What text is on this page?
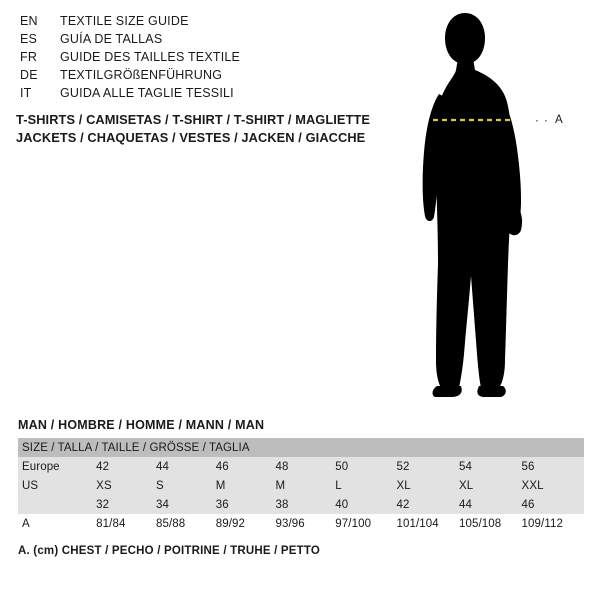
EN	TEXTILE SIZE GUIDE
ES	GUÍA DE TALLAS
FR	GUIDE DES TAILLES TEXTILE
DE	TEXTILGRÖßENFÜHRUNG
IT	GUIDA ALLE TAGLIE TESSILI
T-SHIRTS / CAMISETAS / T-SHIRT / T-SHIRT / MAGLIETTE
JACKETS / CHAQUETAS / VESTES / JACKEN / GIACCHE
· · A
MAN / HOMBRE / HOMME / MANN / MAN
SIZE / TALLA / TAILLE / GRÖSSE / TAGLIA								
Europe	42	44	46	48	50	52	54	56
US	XS	S	M	M	L	XL	XL	XXL
	32	34	36	38	40	42	44	46
A	81/84	85/88	89/92	93/96	97/100	101/104	105/108	109/112
A. (cm) CHEST / PECHO / POITRINE / TRUHE / PETTO
